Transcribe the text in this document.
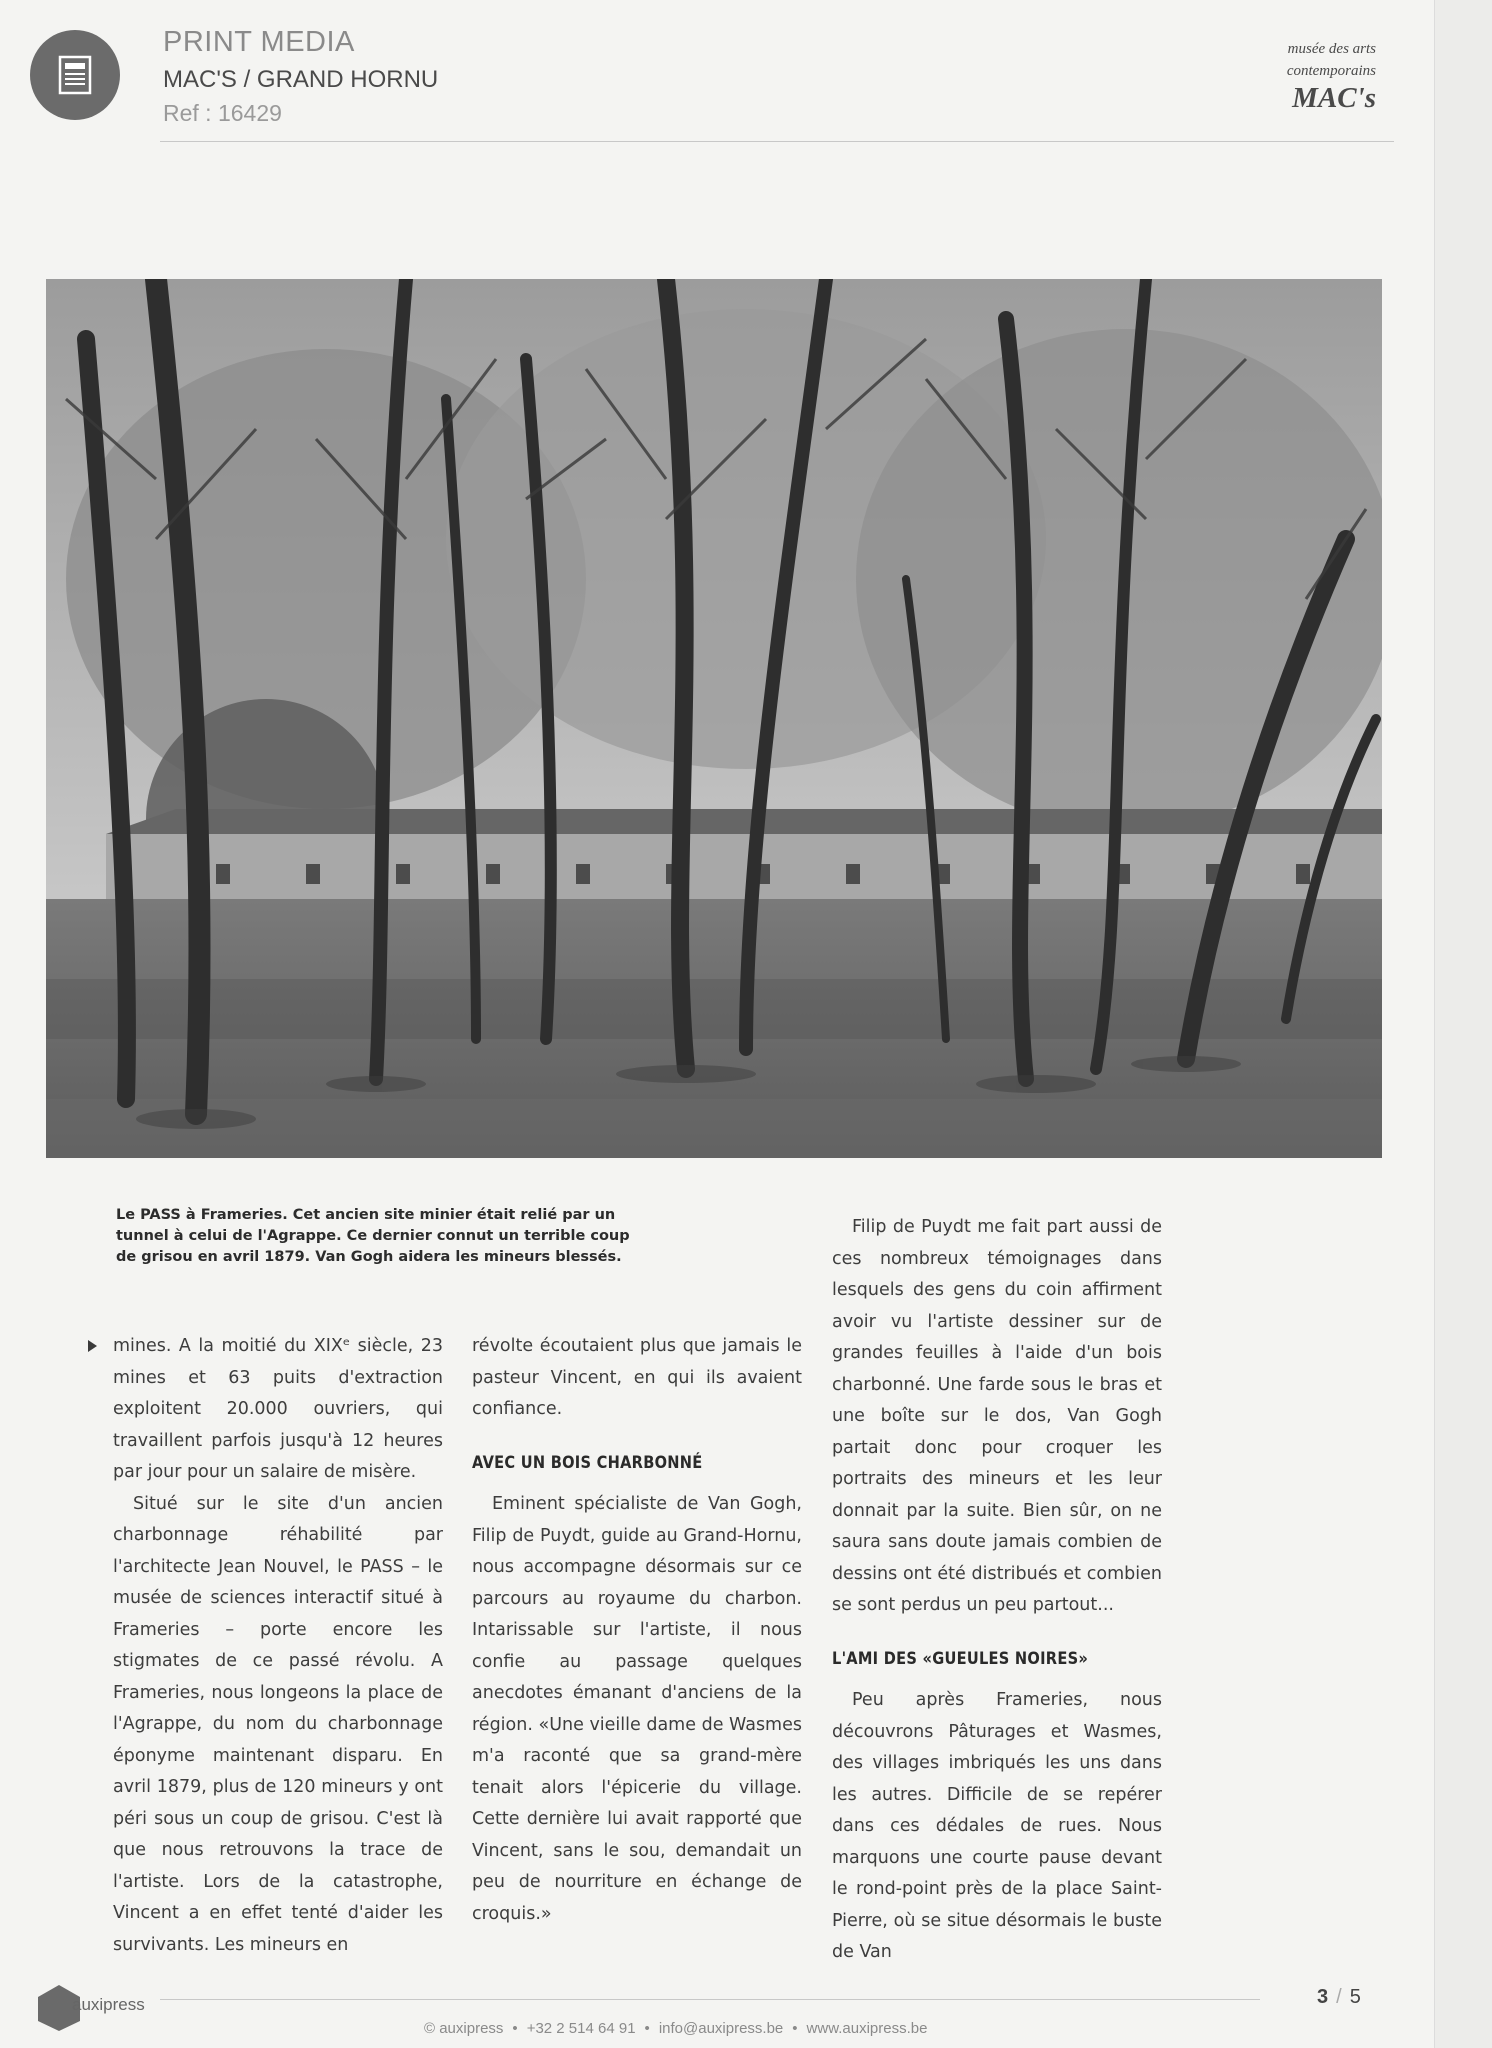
PRINT MEDIA
MAC'S / GRAND HORNU
Ref : 16429
musée des arts
contemporains
MAC's
Le PASS à Frameries. Cet ancien site minier était relié par un tunnel à celui de l'Agrappe. Ce dernier connut un terrible coup de grisou en avril 1879. Van Gogh aidera les mineurs blessés.

mines. A la moitié du XIXᵉ siècle, 23 mines et 63 puits d'extraction exploitent 20.000 ouvriers, qui travaillent parfois jusqu'à 12 heures par jour pour un salaire de misère.

Situé sur le site d'un ancien charbonnage réhabilité par l'architecte Jean Nouvel, le PASS – le musée de sciences interactif situé à Frameries – porte encore les stigmates de ce passé révolu. A Frameries, nous longeons la place de l'Agrappe, du nom du charbonnage éponyme maintenant disparu. En avril 1879, plus de 120 mineurs y ont péri sous un coup de grisou. C'est là que nous retrouvons la trace de l'artiste. Lors de la catastrophe, Vincent a en effet tenté d'aider les survivants. Les mineurs en

révolte écoutaient plus que jamais le pasteur Vincent, en qui ils avaient confiance.

AVEC UN BOIS CHARBONNÉ

Eminent spécialiste de Van Gogh, Filip de Puydt, guide au Grand-Hornu, nous accompagne désormais sur ce parcours au royaume du charbon. Intarissable sur l'artiste, il nous confie au passage quelques anecdotes émanant d'anciens de la région. «Une vieille dame de Wasmes m'a raconté que sa grand-mère tenait alors l'épicerie du village. Cette dernière lui avait rapporté que Vincent, sans le sou, demandait un peu de nourriture en échange de croquis.»

Filip de Puydt me fait part aussi de ces nombreux témoignages dans lesquels des gens du coin affirment avoir vu l'artiste dessiner sur de grandes feuilles à l'aide d'un bois charbonné. Une farde sous le bras et une boîte sur le dos, Van Gogh partait donc pour croquer les portraits des mineurs et les leur donnait par la suite. Bien sûr, on ne saura sans doute jamais combien de dessins ont été distribués et combien se sont perdus un peu partout...

L'AMI DES «GUEULES NOIRES»

Peu après Frameries, nous découvrons Pâturages et Wasmes, des villages imbriqués les uns dans les autres. Difficile de se repérer dans ces dédales de rues. Nous marquons une courte pause devant le rond-point près de la place Saint-Pierre, où se situe désormais le buste de Van

auxipress	3 / 5
© auxipress • +32 2 514 64 91 • info@auxipress.be • www.auxipress.be
